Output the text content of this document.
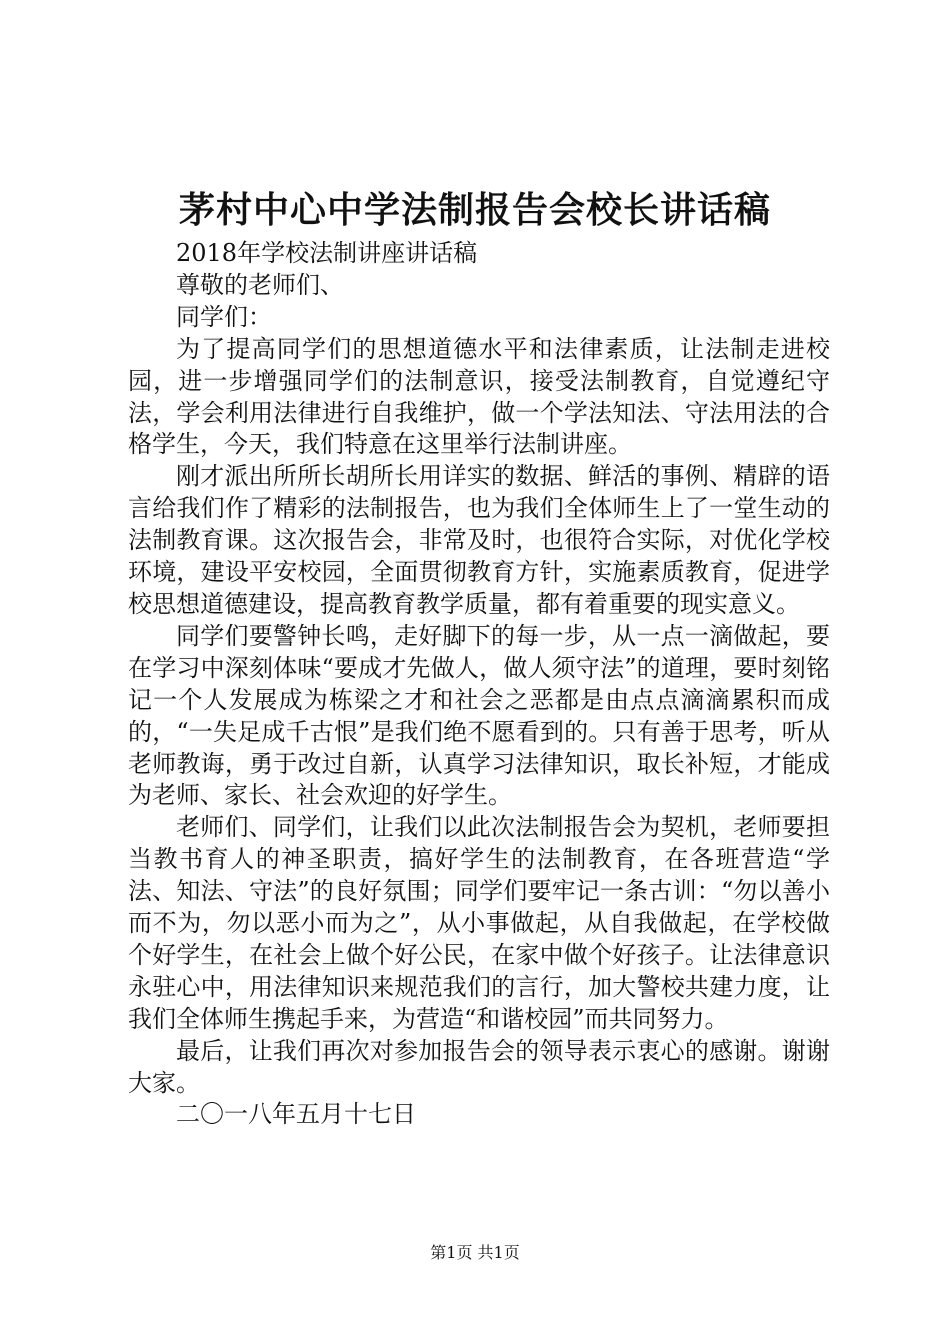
茅村中心中学法制报告会校长讲话稿

2018年学校法制讲座讲话稿

尊敬的老师们、

同学们：

为了提高同学们的思想道德水平和法律素质，让法制走进校园，进一步增强同学们的法制意识，接受法制教育，自觉遵纪守法，学会利用法律进行自我维护，做一个学法知法、守法用法的合格学生，今天，我们特意在这里举行法制讲座。

刚才派出所所长胡所长用详实的数据、鲜活的事例、精辟的语言给我们作了精彩的法制报告，也为我们全体师生上了一堂生动的法制教育课。这次报告会，非常及时，也很符合实际，对优化学校环境，建设平安校园，全面贯彻教育方针，实施素质教育，促进学校思想道德建设，提高教育教学质量，都有着重要的现实意义。

同学们要警钟长鸣，走好脚下的每一步，从一点一滴做起，要在学习中深刻体味“要成才先做人，做人须守法”的道理，要时刻铭记一个人发展成为栋梁之才和社会之恶都是由点点滴滴累积而成的，“一失足成千古恨”是我们绝不愿看到的。只有善于思考，听从老师教诲，勇于改过自新，认真学习法律知识，取长补短，才能成为老师、家长、社会欢迎的好学生。

老师们、同学们，让我们以此次法制报告会为契机，老师要担当教书育人的神圣职责，搞好学生的法制教育，在各班营造“学法、知法、守法”的良好氛围；同学们要牢记一条古训：“勿以善小而不为，勿以恶小而为之”，从小事做起，从自我做起，在学校做个好学生，在社会上做个好公民，在家中做个好孩子。让法律意识永驻心中，用法律知识来规范我们的言行，加大警校共建力度，让我们全体师生携起手来，为营造“和谐校园”而共同努力。

最后，让我们再次对参加报告会的领导表示衷心的感谢。谢谢大家。

二〇一八年五月十七日

第1页 共1页
